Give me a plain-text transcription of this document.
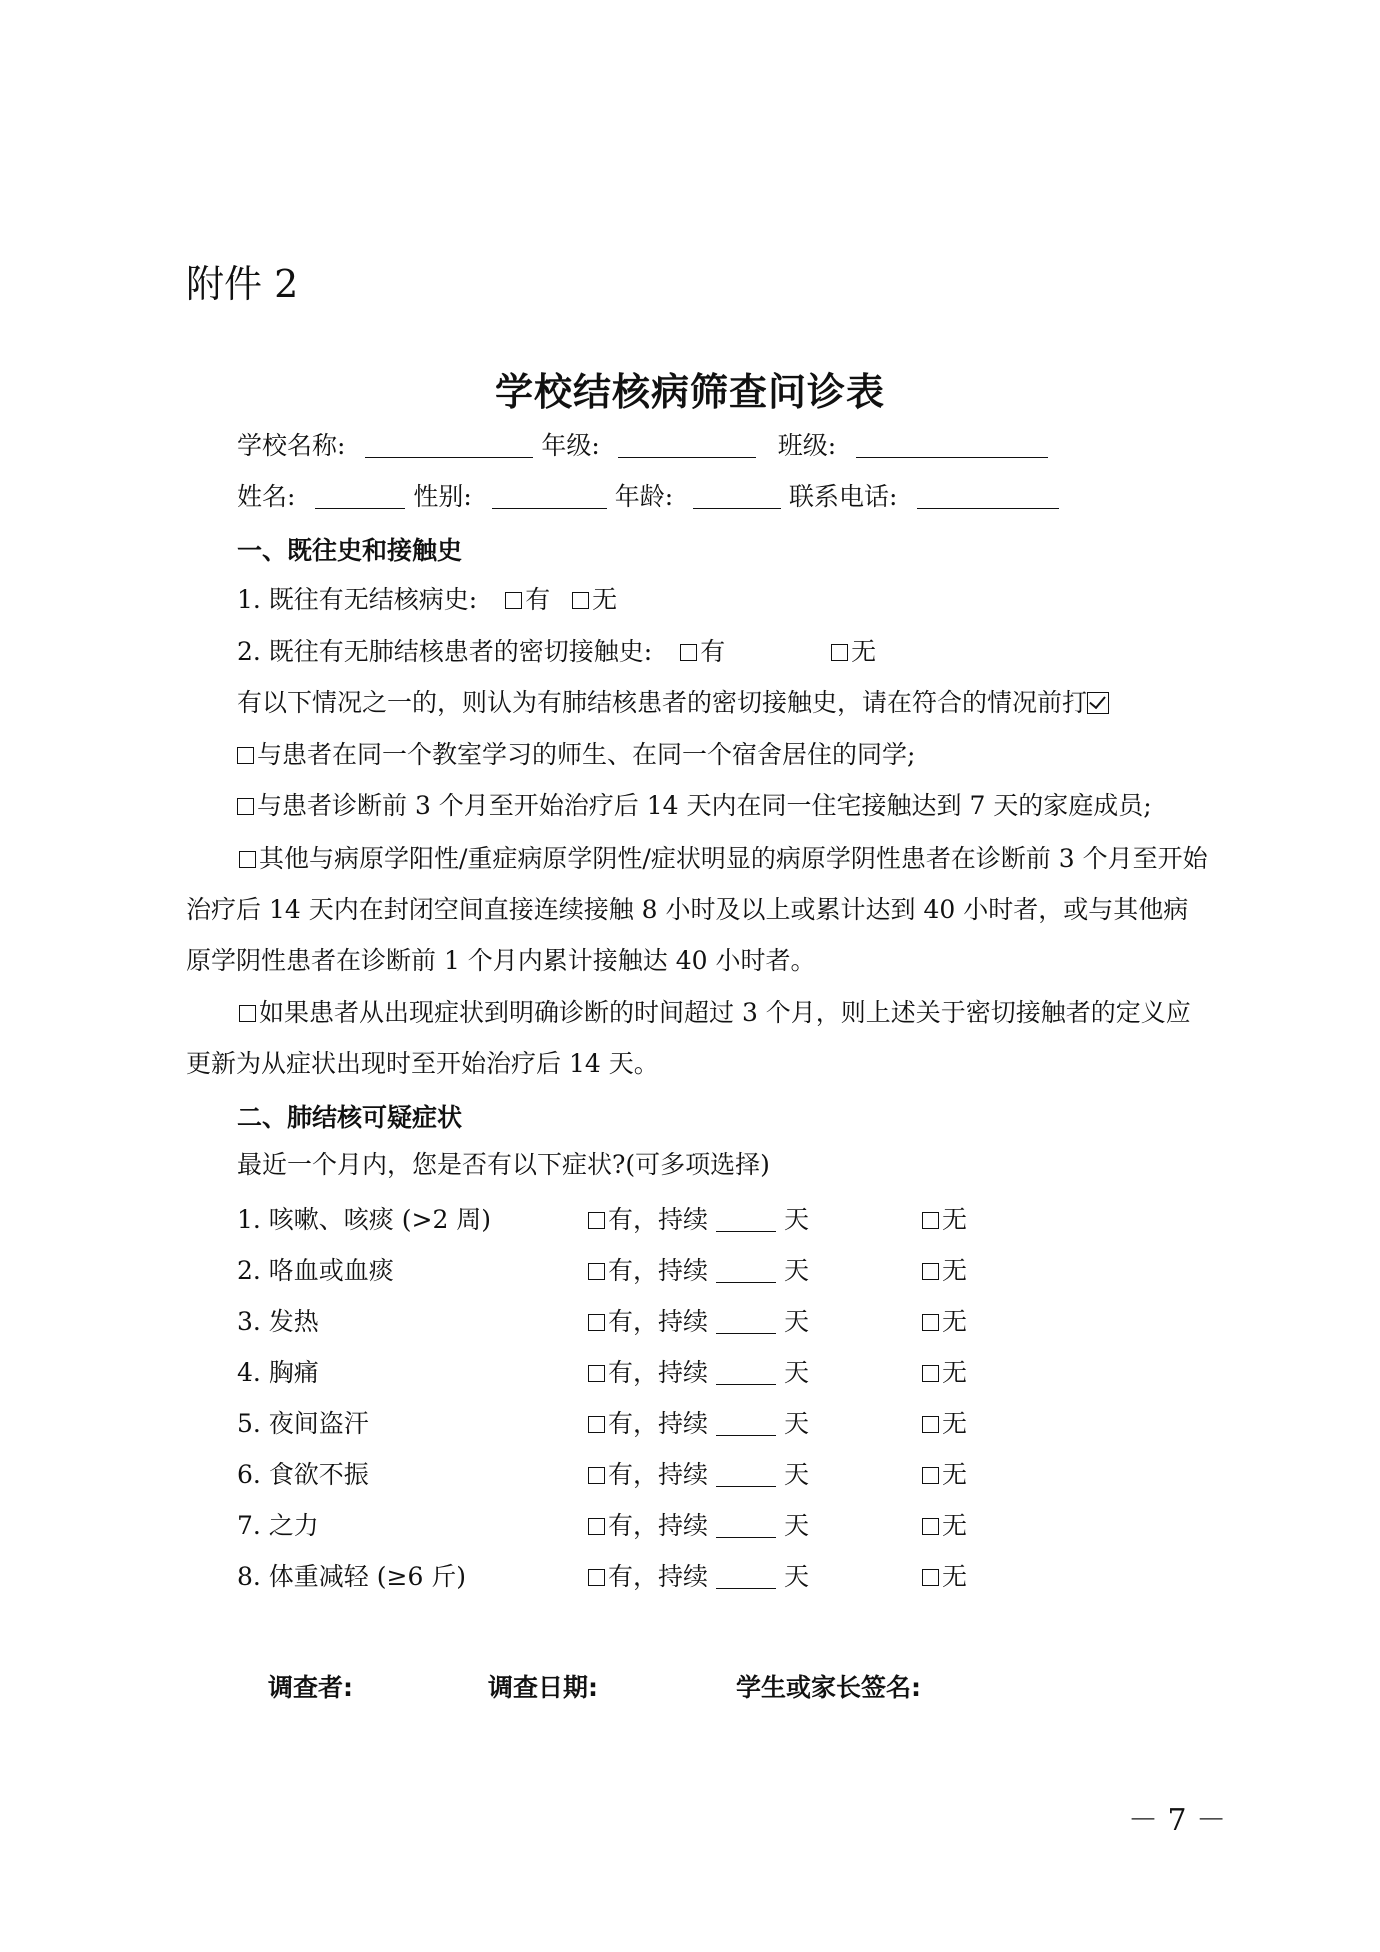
附件 2
学校结核病筛查问诊表
学校名称:	年级:	班级:
姓名:	性别:	年龄:	联系电话:
一、既往史和接触史
1. 既往有无结核病史: 有 无
2. 既往有无肺结核患者的密切接触史: 有	无
有以下情况之一的，则认为有肺结核患者的密切接触史，请在符合的情况前打
与患者在同一个教室学习的师生、在同一个宿舍居住的同学;
与患者诊断前 3 个月至开始治疗后 14 天内在同一住宅接触达到 7 天的家庭成员;
其他与病原学阳性/重症病原学阴性/症状明显的病原学阴性患者在诊断前 3 个月至开始治疗后 14 天内在封闭空间直接连续接触 8 小时及以上或累计达到 40 小时者，或与其他病原学阴性患者在诊断前 1 个月内累计接触达 40 小时者。
如果患者从出现症状到明确诊断的时间超过 3 个月，则上述关于密切接触者的定义应更新为从症状出现时至开始治疗后 14 天。
二、肺结核可疑症状
最近一个月内，您是否有以下症状?(可多项选择)
1. 咳嗽、咳痰 (>2 周)	有，持续	天	无
2. 咯血或血痰	有，持续	天	无
3. 发热	有，持续	天	无
4. 胸痛	有，持续	天	无
5. 夜间盗汗	有，持续	天	无
6. 食欲不振	有，持续	天	无
7. 之力	有，持续	天	无
8. 体重减轻 (≥6 斤)	有，持续	天	无
调查者:	调查日期:	学生或家长签名:
－ 7 －
